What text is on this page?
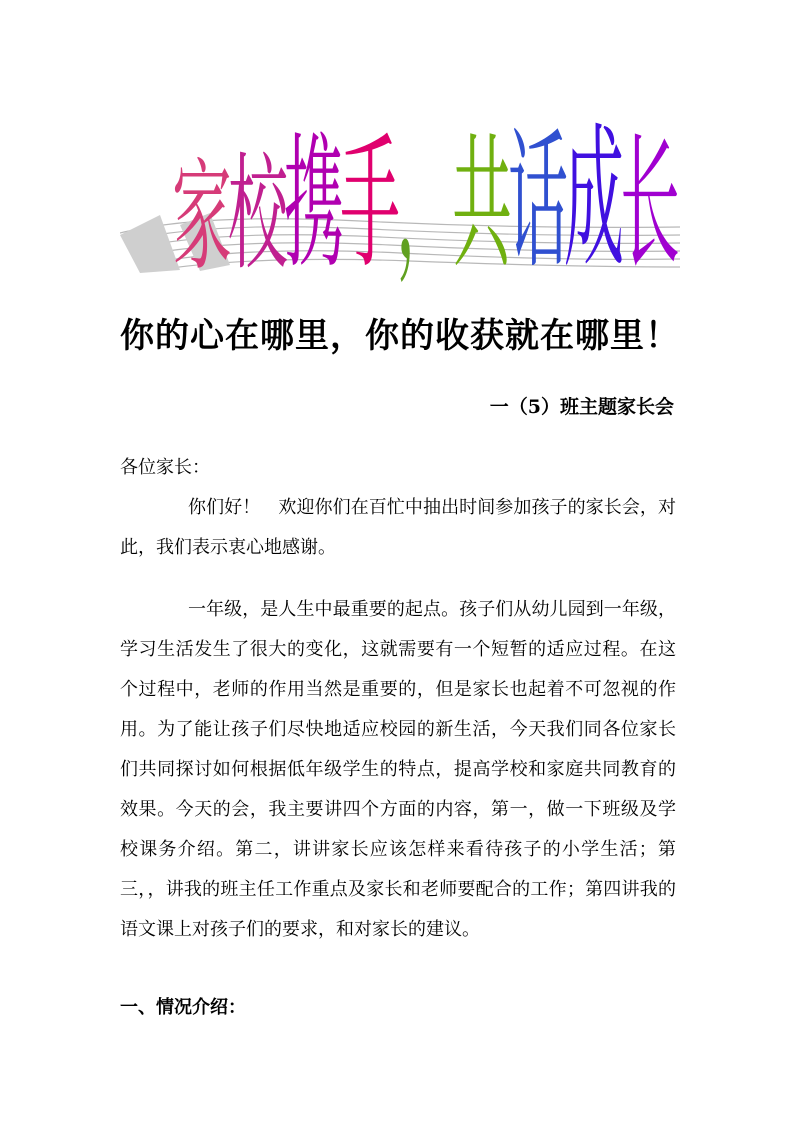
家
校
携
手
，
共
话
成
长
你的心在哪里，你的收获就在哪里！
一（5）班主题家长会
各位家长：
你们好！　欢迎你们在百忙中抽出时间参加孩子的家长会，对此，我们表示衷心地感谢。
一年级，是人生中最重要的起点。孩子们从幼儿园到一年级，学习生活发生了很大的变化，这就需要有一个短暂的适应过程。在这个过程中，老师的作用当然是重要的，但是家长也起着不可忽视的作用。为了能让孩子们尽快地适应校园的新生活，今天我们同各位家长们共同探讨如何根据低年级学生的特点，提高学校和家庭共同教育的效果。今天的会，我主要讲四个方面的内容，第一，做一下班级及学校课务介绍。第二，讲讲家长应该怎样来看待孩子的小学生活；第三，，讲我的班主任工作重点及家长和老师要配合的工作；第四讲我的语文课上对孩子们的要求，和对家长的建议。
一、情况介绍：
